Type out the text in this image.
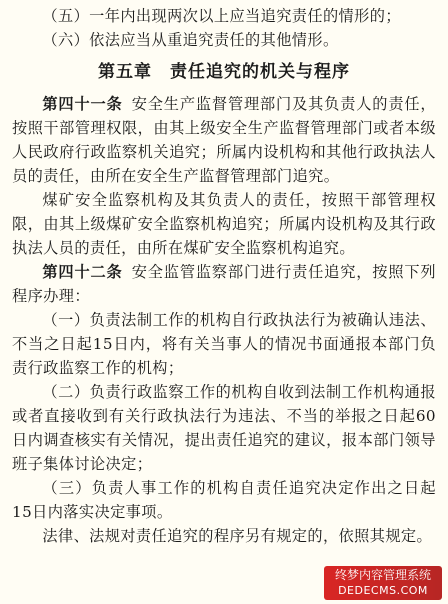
（五）一年内出现两次以上应当追究责任的情形的；

（六）依法应当从重追究责任的其他情形。

第五章　责任追究的机关与程序

第四十一条 安全生产监督管理部门及其负责人的责任，按照干部管理权限，由其上级安全生产监督管理部门或者本级人民政府行政监察机关追究；所属内设机构和其他行政执法人员的责任，由所在安全生产监督管理部门追究。

煤矿安全监察机构及其负责人的责任，按照干部管理权限，由其上级煤矿安全监察机构追究；所属内设机构及其行政执法人员的责任，由所在煤矿安全监察机构追究。

第四十二条 安全监管监察部门进行责任追究，按照下列程序办理：

（一）负责法制工作的机构自行政执法行为被确认违法、不当之日起15日内，将有关当事人的情况书面通报本部门负责行政监察工作的机构；

（二）负责行政监察工作的机构自收到法制工作机构通报或者直接收到有关行政执法行为违法、不当的举报之日起60日内调查核实有关情况，提出责任追究的建议，报本部门领导班子集体讨论决定；

（三）负责人事工作的机构自责任追究决定作出之日起15日内落实决定事项。

法律、法规对责任追究的程序另有规定的，依照其规定。

终梦内容管理系统
DEDECMS.COM
